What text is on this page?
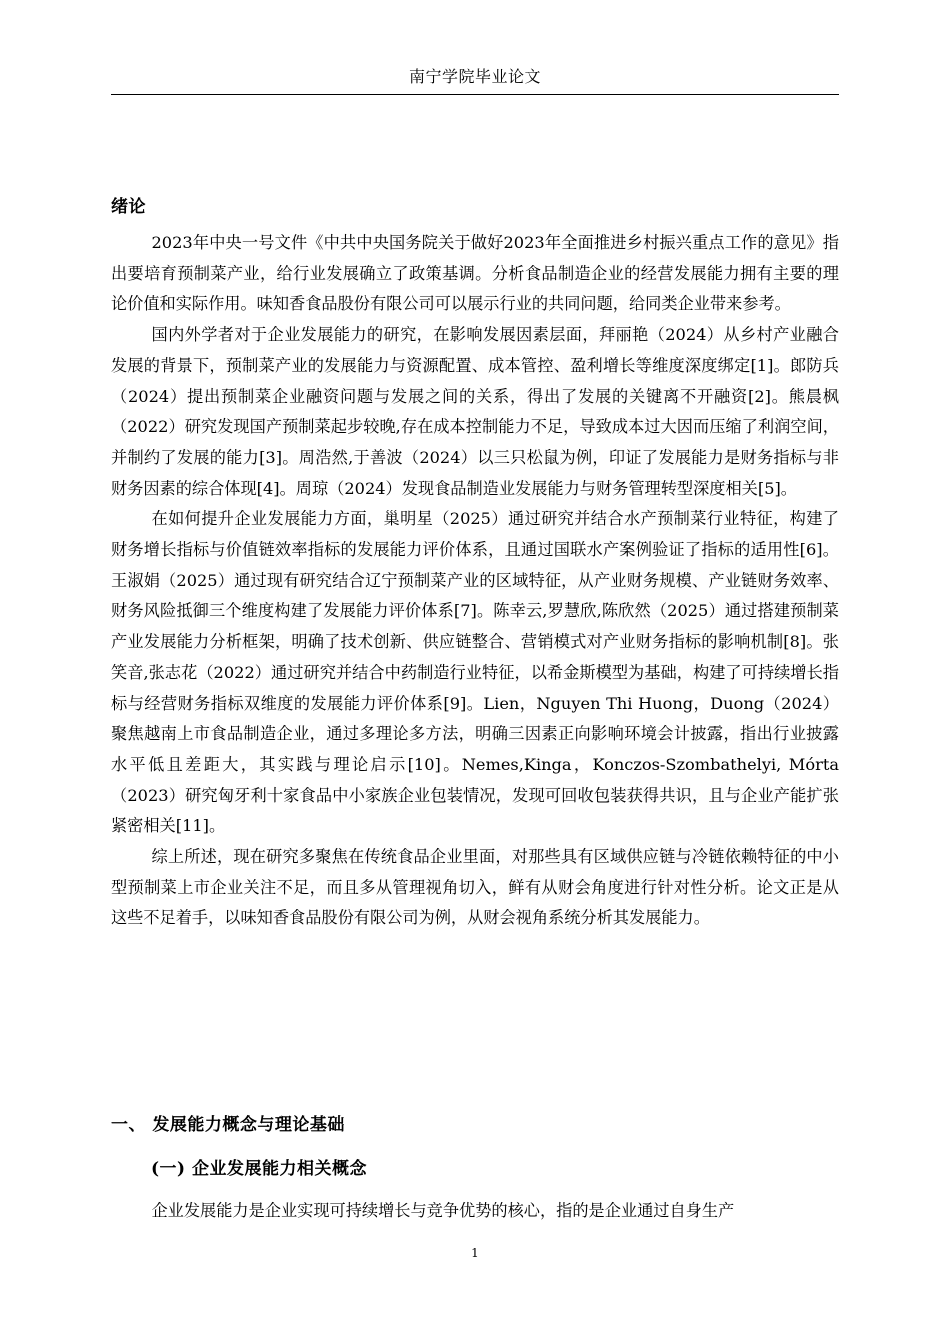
南宁学院毕业论文
绪论

2023年中央一号文件《中共中央国务院关于做好2023年全面推进乡村振兴重点工作的意见》指出要培育预制菜产业，给行业发展确立了政策基调。分析食品制造企业的经营发展能力拥有主要的理论价值和实际作用。味知香食品股份有限公司可以展示行业的共同问题，给同类企业带来参考。

国内外学者对于企业发展能力的研究，在影响发展因素层面，拜丽艳（2024）从乡村产业融合发展的背景下，预制菜产业的发展能力与资源配置、成本管控、盈利增长等维度深度绑定[1]。郎防兵（2024）提出预制菜企业融资问题与发展之间的关系，得出了发展的关键离不开融资[2]。熊晨枫（2022）研究发现国产预制菜起步较晚,存在成本控制能力不足，导致成本过大因而压缩了利润空间，并制约了发展的能力[3]。周浩然,于善波（2024）以三只松鼠为例，印证了发展能力是财务指标与非财务因素的综合体现[4]。周琼（2024）发现食品制造业发展能力与财务管理转型深度相关[5]。

在如何提升企业发展能力方面，巢明星（2025）通过研究并结合水产预制菜行业特征，构建了财务增长指标与价值链效率指标的发展能力评价体系，且通过国联水产案例验证了指标的适用性[6]。王淑娟（2025）通过现有研究结合辽宁预制菜产业的区域特征，从产业财务规模、产业链财务效率、财务风险抵御三个维度构建了发展能力评价体系[7]。陈幸云,罗慧欣,陈欣然（2025）通过搭建预制菜产业发展能力分析框架，明确了技术创新、供应链整合、营销模式对产业财务指标的影响机制[8]。张笑音,张志花（2022）通过研究并结合中药制造行业特征，以希金斯模型为基础，构建了可持续增长指标与经营财务指标双维度的发展能力评价体系[9]。Lien，Nguyen Thi Huong，Duong（2024）聚焦越南上市食品制造企业，通过多理论多方法，明确三因素正向影响环境会计披露，指出行业披露水平低且差距大，其实践与理论启示[10]。Nemes,Kinga，Konczos-Szombathelyi, Mórta（2023）研究匈牙利十家食品中小家族企业包装情况，发现可回收包装获得共识，且与企业产能扩张紧密相关[11]。

综上所述，现在研究多聚焦在传统食品企业里面，对那些具有区域供应链与冷链依赖特征的中小型预制菜上市企业关注不足，而且多从管理视角切入，鲜有从财会角度进行针对性分析。论文正是从这些不足着手，以味知香食品股份有限公司为例，从财会视角系统分析其发展能力。

一、 发展能力概念与理论基础
(一) 企业发展能力相关概念

企业发展能力是企业实现可持续增长与竞争优势的核心，指的是企业通过自身生产

1
